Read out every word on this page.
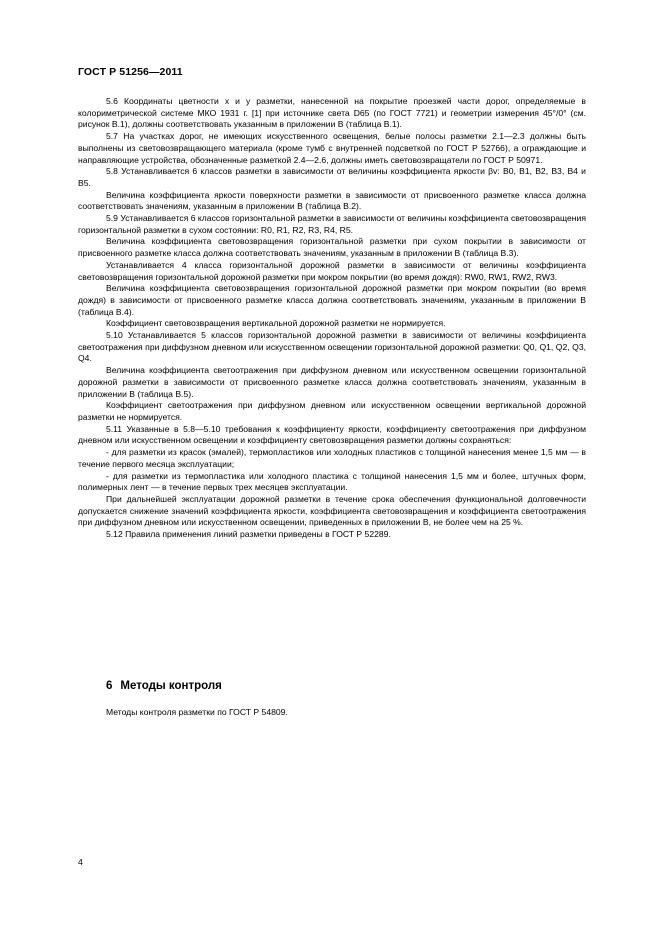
ГОСТ Р 51256—2011

5.6 Координаты цветности x и y разметки, нанесенной на покрытие проезжей части дорог, определяемые в колориметрической системе МКО 1931 г. [1] при источнике света D65 (по ГОСТ 7721) и геометрии измерения 45°/0° (см. рисунок В.1), должны соответствовать указанным в приложении В (таблица В.1).

5.7 На участках дорог, не имеющих искусственного освещения, белые полосы разметки 2.1—2.3 должны быть выполнены из световозвращающего материала (кроме тумб с внутренней подсветкой по ГОСТ Р 52766), а ограждающие и направляющие устройства, обозначенные разметкой 2.4—2.6, должны иметь световозвращатели по ГОСТ Р 50971.

5.8 Устанавливается 6 классов разметки в зависимости от величины коэффициента яркости βv: В0, В1, В2, В3, В4 и В5.

Величина коэффициента яркости поверхности разметки в зависимости от присвоенного разметке класса должна соответствовать значениям, указанным в приложении В (таблица В.2).

5.9 Устанавливается 6 классов горизонтальной разметки в зависимости от величины коэффициента световозвращения горизонтальной разметки в сухом состоянии: R0, R1, R2, R3, R4, R5.

Величина коэффициента световозвращения горизонтальной разметки при сухом покрытии в зависимости от присвоенного разметке класса должна соответствовать значениям, указанным в приложении В (таблица В.3).

Устанавливается 4 класса горизонтальной дорожной разметки в зависимости от величины коэффициента световозвращения горизонтальной дорожной разметки при мокром покрытии (во время дождя): RW0, RW1, RW2, RW3.

Величина коэффициента световозвращения горизонтальной дорожной разметки при мокром покрытии (во время дождя) в зависимости от присвоенного разметке класса должна соответствовать значениям, указанным в приложении В (таблица В.4).

Коэффициент световозвращения вертикальной дорожной разметки не нормируется.

5.10 Устанавливается 5 классов горизонтальной дорожной разметки в зависимости от величины коэффициента светоотражения при диффузном дневном или искусственном освещении горизонтальной дорожной разметки: Q0, Q1, Q2, Q3, Q4.

Величина коэффициента светоотражения при диффузном дневном или искусственном освещении горизонтальной дорожной разметки в зависимости от присвоенного разметке класса должна соответствовать значениям, указанным в приложении В (таблица В.5).

Коэффициент светоотражения при диффузном дневном или искусственном освещении вертикальной дорожной разметки не нормируется.

5.11 Указанные в 5.8—5.10 требования к коэффициенту яркости, коэффициенту светоотражения при диффузном дневном или искусственном освещении и коэффициенту световозвращения разметки должны сохраняться:

- для разметки из красок (эмалей), термопластиков или холодных пластиков с толщиной нанесения менее 1,5 мм — в течение первого месяца эксплуатации;

- для разметки из термопластика или холодного пластика с толщиной нанесения 1,5 мм и более, штучных форм, полимерных лент — в течение первых трех месяцев эксплуатации.

При дальнейшей эксплуатации дорожной разметки в течение срока обеспечения функциональной долговечности допускается снижение значений коэффициента яркости, коэффициента световозвращения и коэффициента светоотражения при диффузном дневном или искусственном освещении, приведенных в приложении В, не более чем на 25 %.

5.12 Правила применения линий разметки приведены в ГОСТ Р 52289.

6 Методы контроля
Методы контроля разметки по ГОСТ Р 54809.
4
